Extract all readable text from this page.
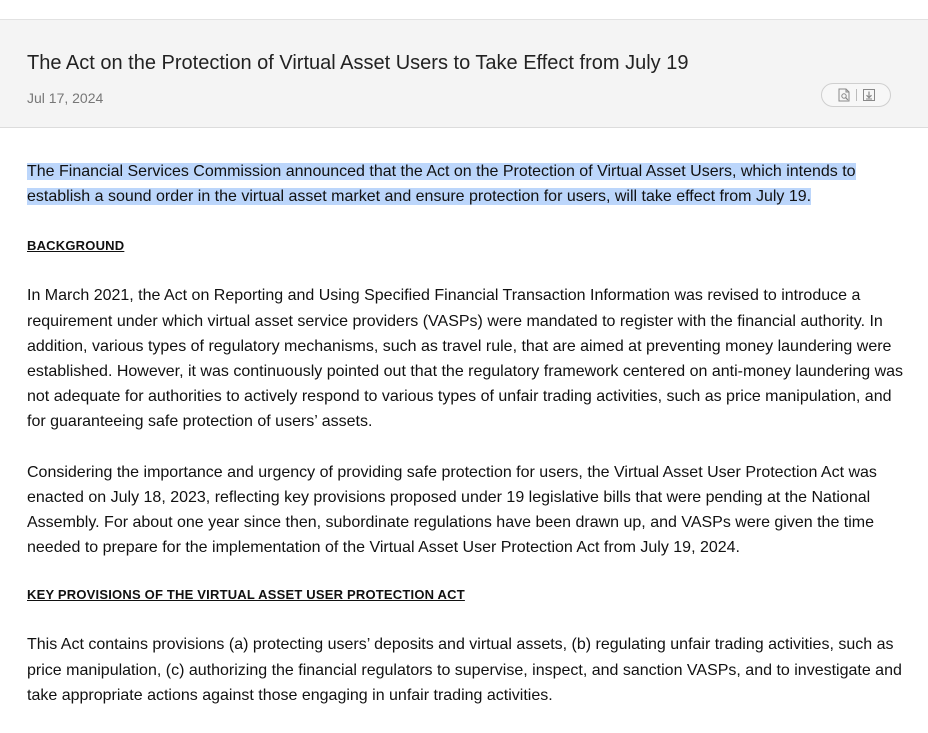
The Act on the Protection of Virtual Asset Users to Take Effect from July 19
Jul 17, 2024

The Financial Services Commission announced that the Act on the Protection of Virtual Asset Users, which intends to
establish a sound order in the virtual asset market and ensure protection for users, will take effect from July 19.

BACKGROUND

In March 2021, the Act on Reporting and Using Specified Financial Transaction Information was revised to introduce a requirement under which virtual asset service providers (VASPs) were mandated to register with the financial authority. In addition, various types of regulatory mechanisms, such as travel rule, that are aimed at preventing money laundering were established. However, it was continuously pointed out that the regulatory framework centered on anti-money laundering was not adequate for authorities to actively respond to various types of unfair trading activities, such as price manipulation, and for guaranteeing safe protection of users’ assets.

Considering the importance and urgency of providing safe protection for users, the Virtual Asset User Protection Act was enacted on July 18, 2023, reflecting key provisions proposed under 19 legislative bills that were pending at the National Assembly. For about one year since then, subordinate regulations have been drawn up, and VASPs were given the time needed to prepare for the implementation of the Virtual Asset User Protection Act from July 19, 2024.

KEY PROVISIONS OF THE VIRTUAL ASSET USER PROTECTION ACT

This Act contains provisions (a) protecting users’ deposits and virtual assets, (b) regulating unfair trading activities, such as price manipulation, (c) authorizing the financial regulators to supervise, inspect, and sanction VASPs, and to investigate and take appropriate actions against those engaging in unfair trading activities.
